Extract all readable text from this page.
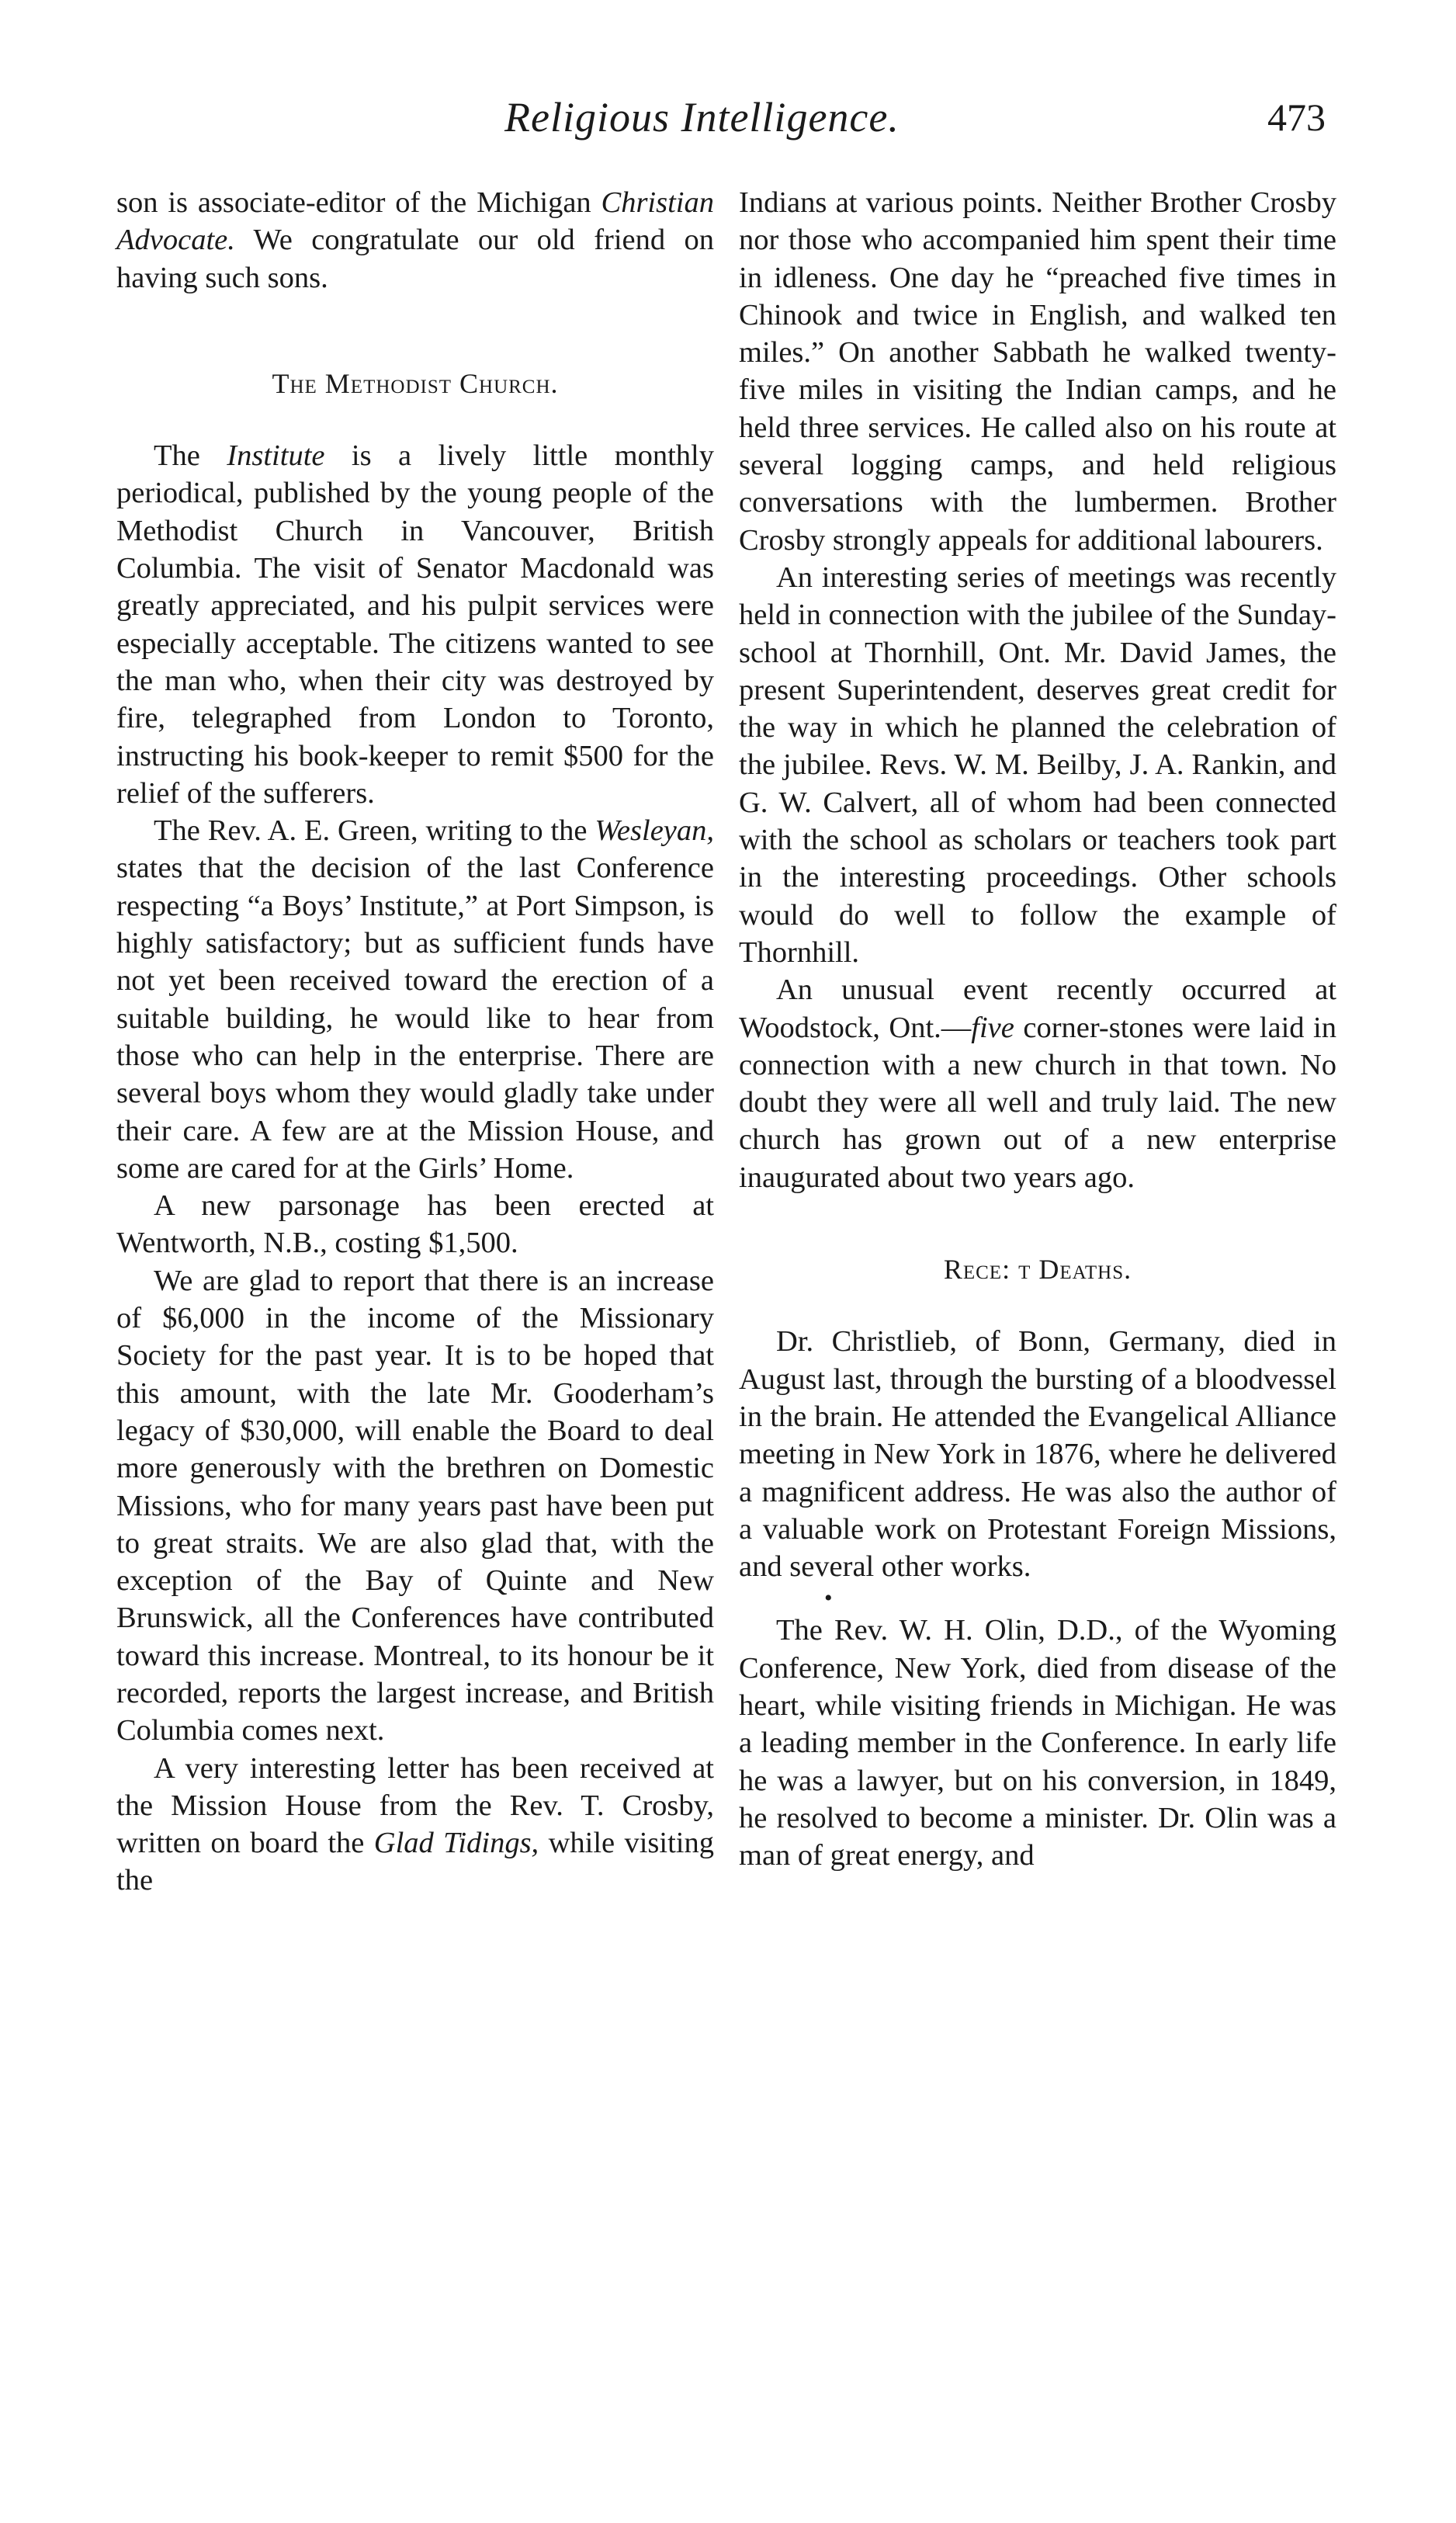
Religious Intelligence.	473

son is associate-editor of the Michigan Christian Advocate. We congratulate our old friend on having such sons.

The Methodist Church.

The Institute is a lively little monthly periodical, published by the young people of the Methodist Church in Vancouver, British Columbia. The visit of Senator Macdonald was greatly appreciated, and his pulpit services were especially acceptable. The citizens wanted to see the man who, when their city was destroyed by fire, telegraphed from London to Toronto, instructing his book-keeper to remit $500 for the relief of the sufferers.

The Rev. A. E. Green, writing to the Wesleyan, states that the decision of the last Conference respecting “a Boys’ Institute,” at Port Simpson, is highly satisfactory; but as sufficient funds have not yet been received toward the erection of a suitable building, he would like to hear from those who can help in the enterprise. There are several boys whom they would gladly take under their care. A few are at the Mission House, and some are cared for at the Girls’ Home.

A new parsonage has been erected at Wentworth, N.B., costing $1,500.

We are glad to report that there is an increase of $6,000 in the income of the Missionary Society for the past year. It is to be hoped that this amount, with the late Mr. Gooderham’s legacy of $30,000, will enable the Board to deal more generously with the brethren on Domestic Missions, who for many years past have been put to great straits. We are also glad that, with the exception of the Bay of Quinte and New Brunswick, all the Conferences have contributed toward this increase. Montreal, to its honour be it recorded, reports the largest increase, and British Columbia comes next.

A very interesting letter has been received at the Mission House from the Rev. T. Crosby, written on board the Glad Tidings, while visiting the

Indians at various points. Neither Brother Crosby nor those who accompanied him spent their time in idleness. One day he “preached five times in Chinook and twice in English, and walked ten miles.” On another Sabbath he walked twenty-five miles in visiting the Indian camps, and he held three services. He called also on his route at several logging camps, and held religious conversations with the lumbermen. Brother Crosby strongly appeals for additional labourers.

An interesting series of meetings was recently held in connection with the jubilee of the Sunday-school at Thornhill, Ont. Mr. David James, the present Superintendent, deserves great credit for the way in which he planned the celebration of the jubilee. Revs. W. M. Beilby, J. A. Rankin, and G. W. Calvert, all of whom had been connected with the school as scholars or teachers took part in the interesting proceedings. Other schools would do well to follow the example of Thornhill.

An unusual event recently occurred at Woodstock, Ont.—five corner-stones were laid in connection with a new church in that town. No doubt they were all well and truly laid. The new church has grown out of a new enterprise inaugurated about two years ago.

Rece: t Deaths.

Dr. Christlieb, of Bonn, Germany, died in August last, through the bursting of a bloodvessel in the brain. He attended the Evangelical Alliance meeting in New York in 1876, where he delivered a magnificent address. He was also the author of a valuable work on Protestant Foreign Missions, and several other works.

•

The Rev. W. H. Olin, D.D., of the Wyoming Conference, New York, died from disease of the heart, while visiting friends in Michigan. He was a leading member in the Conference. In early life he was a lawyer, but on his conversion, in 1849, he resolved to become a minister. Dr. Olin was a man of great energy, and
